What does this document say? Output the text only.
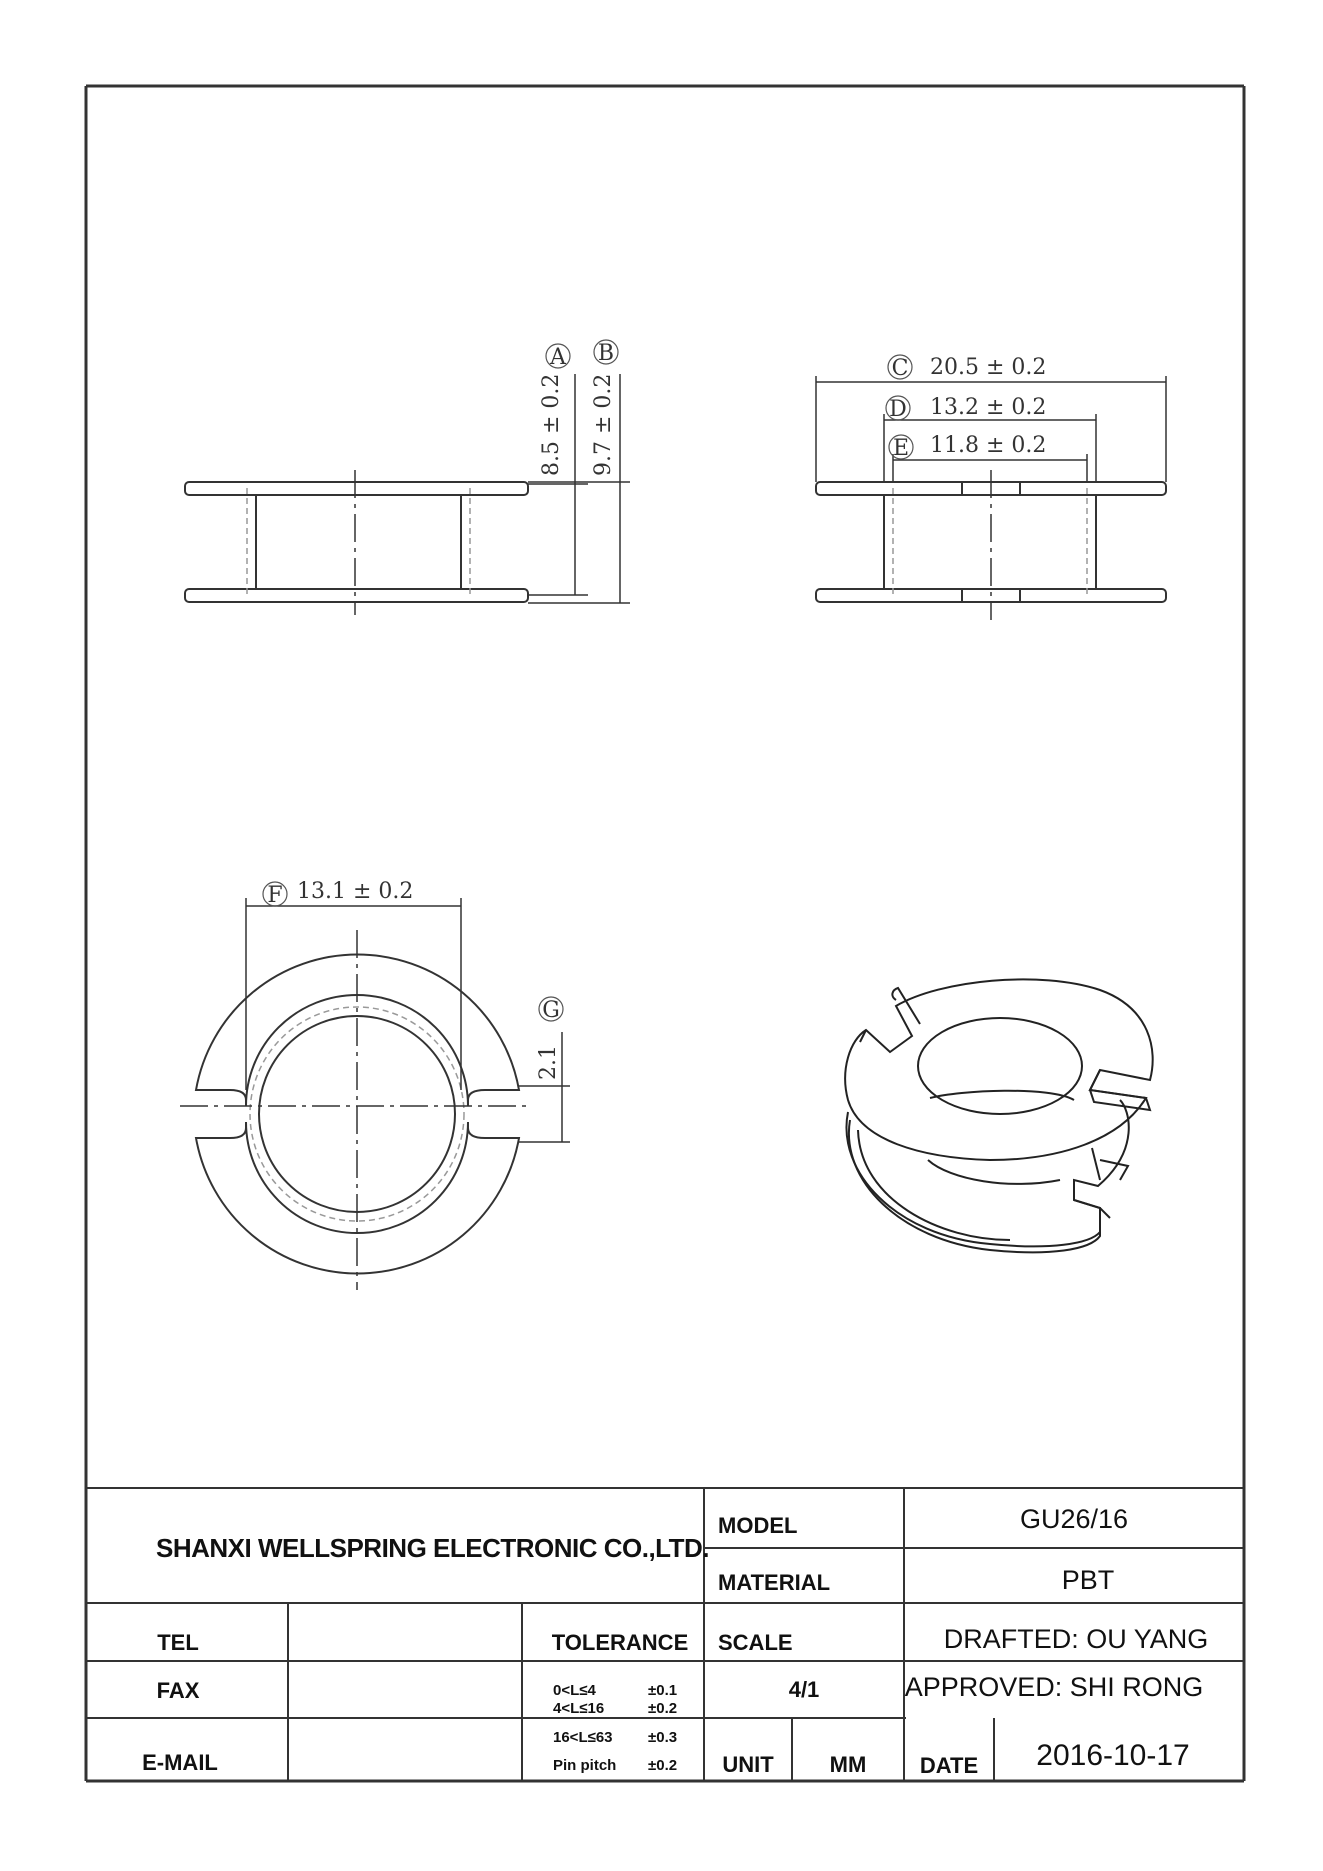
A
8.5 ± 0.2
B
9.7 ± 0.2
C 20.5 ± 0.2
D 13.2 ± 0.2
E 11.8 ± 0.2
F 13.1 ± 0.2
G
2.1
SHANXI WELLSPRING ELECTRONIC CO.,LTD.
MODEL	GU26/16
MATERIAL	PBT
TEL
FAX
E-MAIL
TOLERANCE
0<L≤4	±0.1
4<L≤16	±0.2
16<L≤63 ±0.3
Pin pitch ±0.2
SCALE
4/1
UNIT	MM
DRAFTED: OU YANG
APPROVED: SHI RONG
DATE 2016-10-17
